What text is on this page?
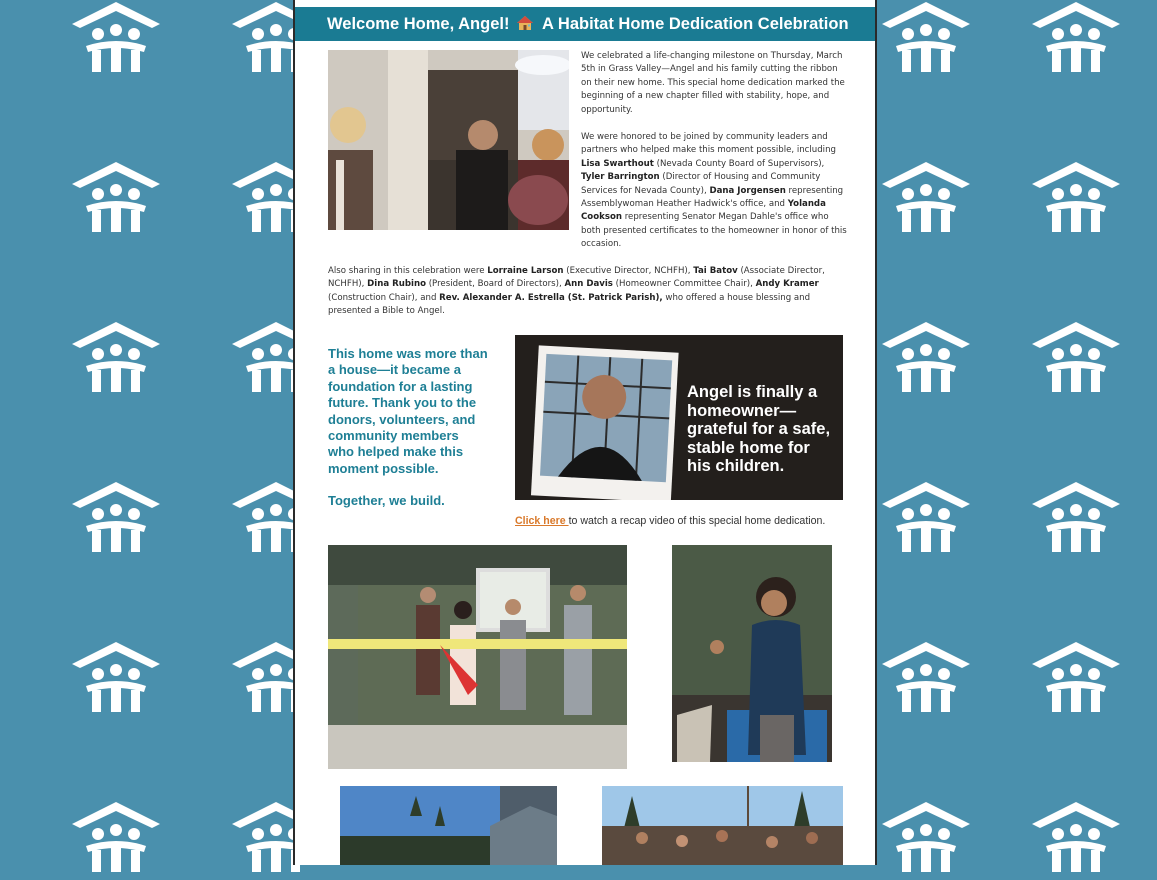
Welcome Home, Angel! A Habitat Home Dedication Celebration
We celebrated a life-changing milestone on Thursday, March 5th in Grass Valley—Angel and his family cutting the ribbon on their new home. This special home dedication marked the beginning of a new chapter filled with stability, hope, and opportunity.
We were honored to be joined by community leaders and partners who helped make this moment possible, including Lisa Swarthout (Nevada County Board of Supervisors), Tyler Barrington (Director of Housing and Community Services for Nevada County), Dana Jorgensen representing Assemblywoman Heather Hadwick's office, and Yolanda Cookson representing Senator Megan Dahle's office who both presented certificates to the homeowner in honor of this occasion.
Also sharing in this celebration were Lorraine Larson (Executive Director, NCHFH), Tai Batov (Associate Director, NCHFH), Dina Rubino (President, Board of Directors), Ann Davis (Homeowner Committee Chair), Andy Kramer (Construction Chair), and Rev. Alexander A. Estrella (St. Patrick Parish), who offered a house blessing and presented a Bible to Angel.
This home was more than a house—it became a foundation for a lasting future. Thank you to the donors, volunteers, and community members who helped make this moment possible.
Together, we build.
Angel is finally a homeowner— grateful for a safe, stable home for his children.
Click here to watch a recap video of this special home dedication.
